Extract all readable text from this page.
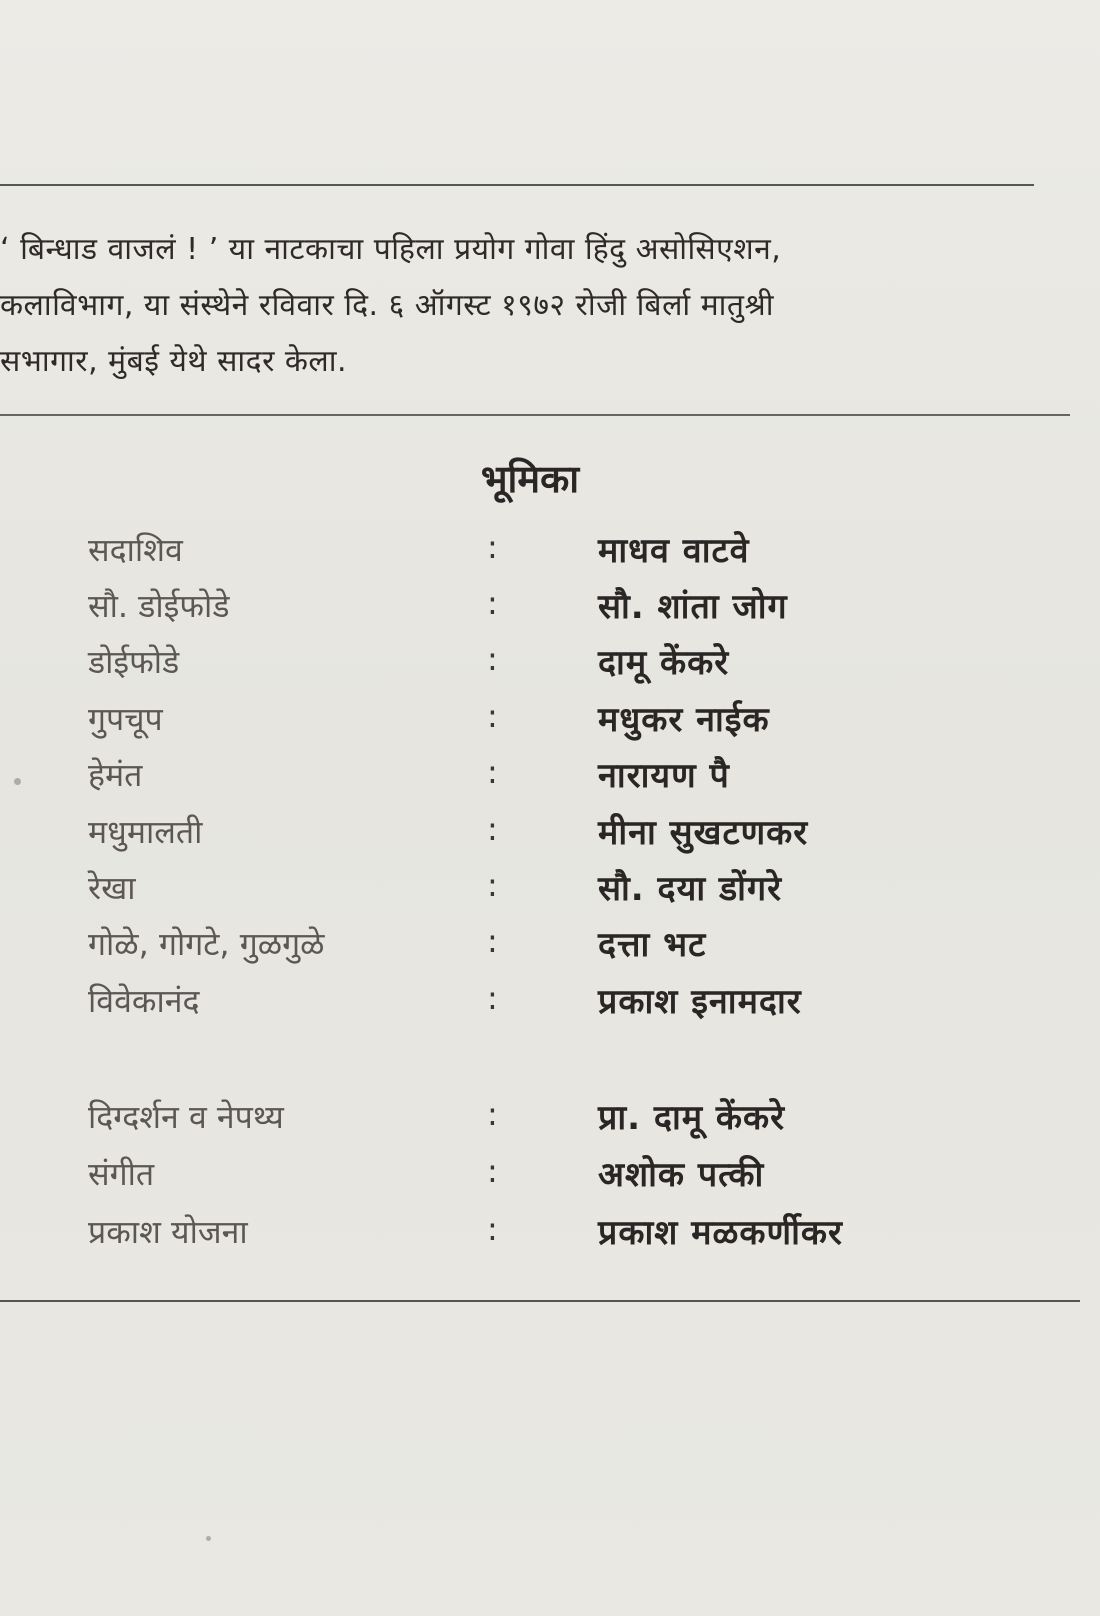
‘ बिन्धाड वाजलं ! ’ या नाटकाचा पहिला प्रयोग गोवा हिंदु असोसिएशन,
कलाविभाग, या संस्थेने रविवार दि. ६ ऑगस्ट १९७२ रोजी बिर्ला मातुश्री
सभागार, मुंबई येथे सादर केला.
भूमिका
सदाशिव	:	माधव वाटवे
सौ. डोईफोडे	:	सौ. शांता जोग
डोईफोडे	:	दामू केंकरे
गुपचूप	:	मधुकर नाईक
हेमंत	:	नारायण पै
मधुमालती	:	मीना सुखटणकर
रेखा	:	सौ. दया डोंगरे
गोळे, गोगटे, गुळगुळे	:	दत्ता भट
विवेकानंद	:	प्रकाश इनामदार
दिग्दर्शन व नेपथ्य	:	प्रा. दामू केंकरे
संगीत	:	अशोक पत्की
प्रकाश योजना	:	प्रकाश मळकर्णीकर
